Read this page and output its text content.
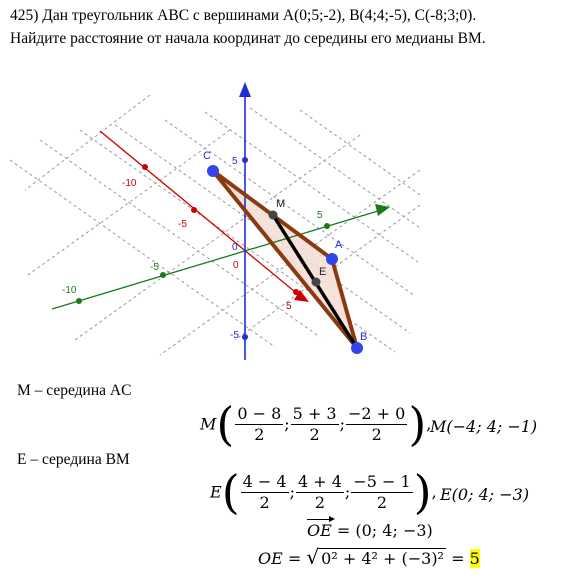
425) Дан треугольник ABC с вершинами A(0;5;-2), B(4;4;-5), C(-8;3;0).
Найдите расстояние от начала координат до середины его медианы BM.
-10
-5
5
-10
-5
5
5
-5
0
0
C
A
B
M
E
M – середина AC
$M( \frac{0 - 8}{2}$ ; $\frac{5 + 3}{2}$ ; $\frac{-2 + 0}{2}$ ),
M(−4; 4; −1)
E – середина BM
$E( \frac{4 - 4}{2}$ ; $\frac{4 + 4}{2}$ ; $\frac{-5 - 1}{2}$ ), E(0; 4; −3)
OE = (0; 4; −3)
OE = √ 0² + 4² + (−3)² = 5
